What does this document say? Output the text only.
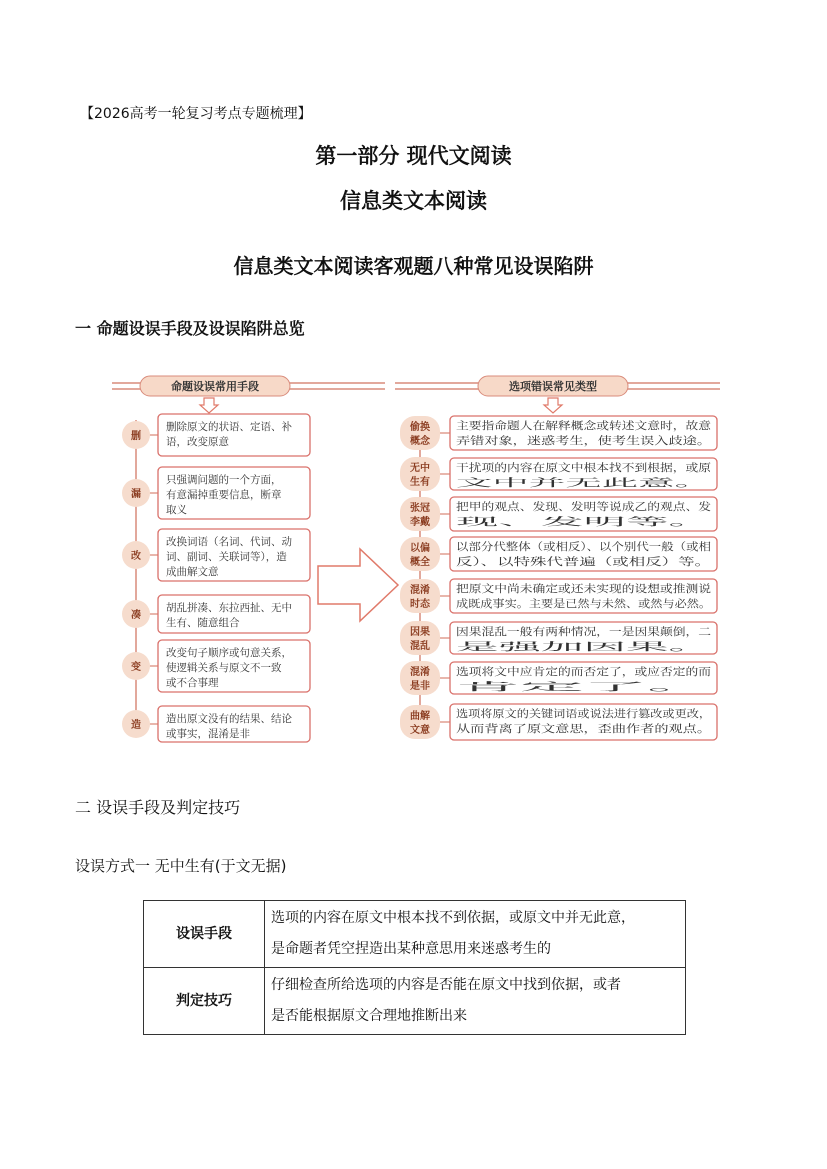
【2026高考一轮复习考点专题梳理】
第一部分 现代文阅读
信息类文本阅读
信息类文本阅读客观题八种常见设误陷阱
一 命题设误手段及设误陷阱总览
命题设误常用手段	选项错误常见类型
删
删除原文的状语、定语、补
语，改变原意
漏
只强调问题的一个方面，
有意漏掉重要信息，断章
取义
改
改换词语（名词、代词、动
词、副词、关联词等），造
成曲解文意
凑
胡乱拼凑、东拉西扯、无中
生有、随意组合
变
改变句子顺序或句意关系，
使逻辑关系与原文不一致
或不合事理
造
造出原文没有的结果、结论
或事实，混淆是非
偷换
概念
主要指命题人在解释概念或转述文意时，故意
弄错对象，迷惑考生，使考生误入歧途。
无中
生有
干扰项的内容在原文中根本找不到根据，或原
文中并无此意。
张冠
李戴
把甲的观点、发现、发明等说成乙的观点、发
现、发明等。
以偏
概全
以部分代整体（或相反）、以个别代一般（或相
反）、以特殊代普遍（或相反）等。
混淆
时态
把原文中尚未确定或还未实现的设想或推测说
成既成事实。主要是已然与未然、或然与必然。
因果
混乱
因果混乱一般有两种情况，一是因果颠倒，二
是强加因果。
混淆
是非
选项将文中应肯定的而否定了，或应否定的而
肯定了。
曲解
文意
选项将原文的关键词语或说法进行篡改或更改，
从而背离了原文意思，歪曲作者的观点。
二 设误手段及判定技巧
设误方式一 无中生有(于文无据)
设误手段	选项的内容在原文中根本找不到依据，或原文中并无此意，
是命题者凭空捏造出某种意思用来迷惑考生的

判定技巧	仔细检查所给选项的内容是否能在原文中找到依据，或者
是否能根据原文合理地推断出来
